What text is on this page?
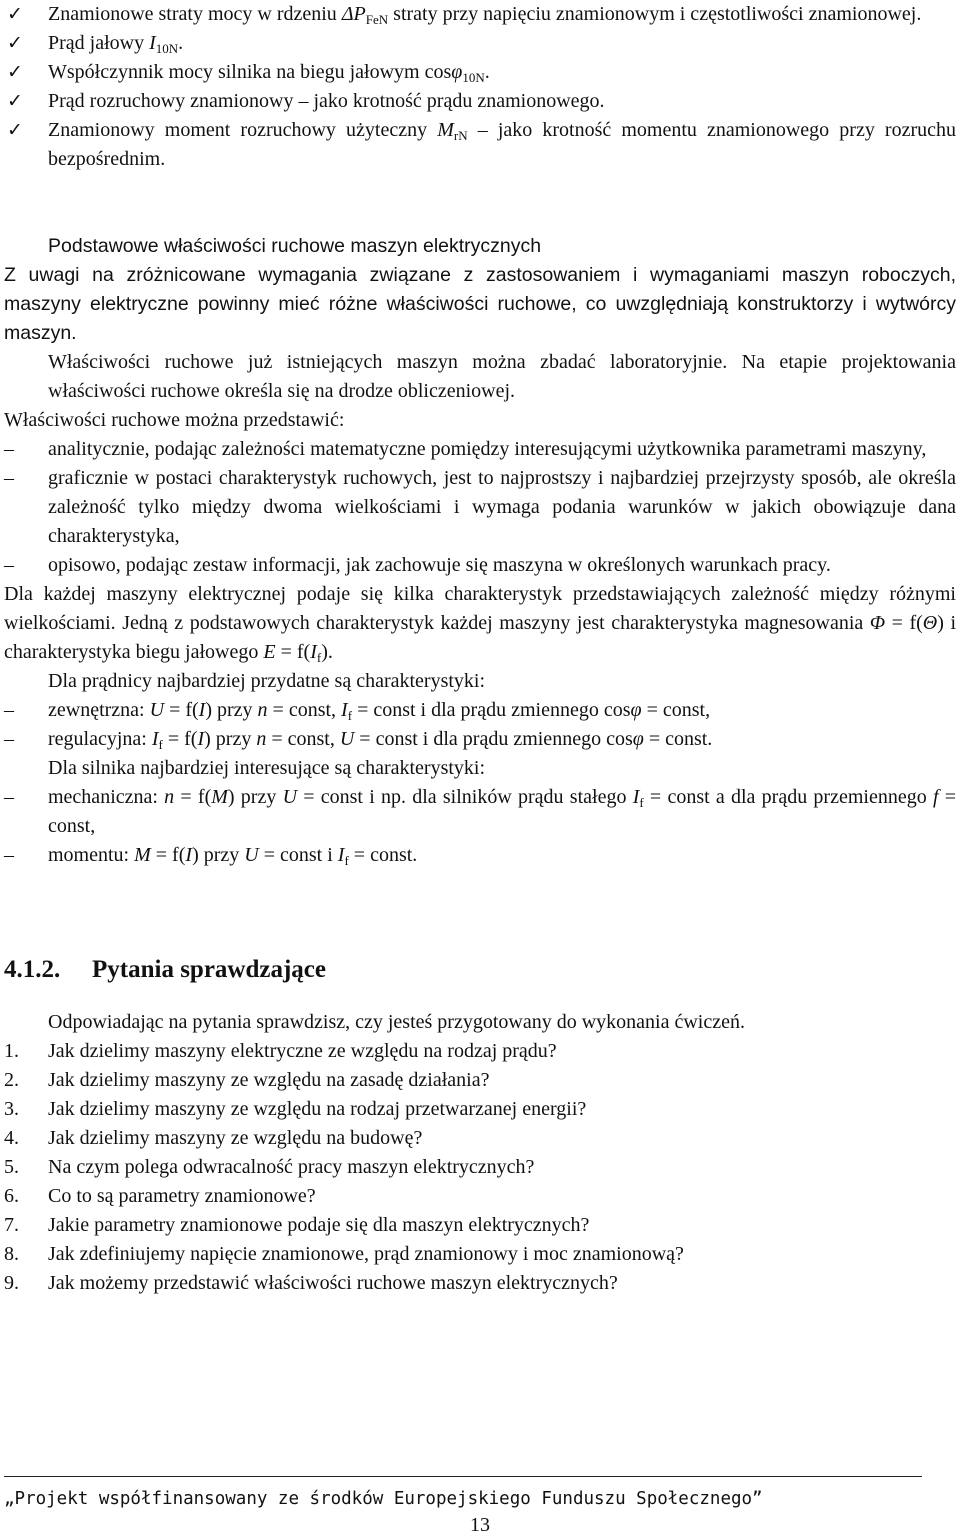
✓ Znamionowe straty mocy w rdzeniu $\Delta P_{FeN}$ straty przy napięciu znamionowym i częstotliwości znamionowej.
✓ Prąd jałowy $I_{10N}$.
✓ Współczynnik mocy silnika na biegu jałowym cosφ$_{10N}$.
✓ Prąd rozruchowy znamionowy – jako krotność prądu znamionowego.
✓ Znamionowy moment rozruchowy użyteczny $M_{rN}$ – jako krotność momentu znamionowego przy rozruchu bezpośrednim.
Podstawowe właściwości ruchowe maszyn elektrycznych
Z uwagi na zróżnicowane wymagania związane z zastosowaniem i wymaganiami maszyn roboczych, maszyny elektryczne powinny mieć różne właściwości ruchowe, co uwzględniają konstruktorzy i wytwórcy maszyn.
Właściwości ruchowe już istniejących maszyn można zbadać laboratoryjnie. Na etapie projektowania właściwości ruchowe określa się na drodze obliczeniowej.
Właściwości ruchowe można przedstawić:
–	analitycznie, podając zależności matematyczne pomiędzy interesującymi użytkownika parametrami maszyny,
–	graficznie w postaci charakterystyk ruchowych, jest to najprostszy i najbardziej przejrzysty sposób, ale określa zależność tylko między dwoma wielkościami i wymaga podania warunków w jakich obowiązuje dana charakterystyka,
–	opisowo, podając zestaw informacji, jak zachowuje się maszyna w określonych warunkach pracy.
Dla każdej maszyny elektrycznej podaje się kilka charakterystyk przedstawiających zależność między różnymi wielkościami. Jedną z podstawowych charakterystyk każdej maszyny jest charakterystyka magnesowania Φ = f(Θ) i charakterystyka biegu jałowego $E = f(I_f)$.
Dla prądnicy najbardziej przydatne są charakterystyki:
–	zewnętrzna: U = f(I) przy n = const, $I_f$ = const i dla prądu zmiennego cosφ = const,
–	regulacyjna: $I_f = f(I)$ przy n = const, U = const i dla prądu zmiennego cosφ = const.
Dla silnika najbardziej interesujące są charakterystyki:
–	mechaniczna: n = f(M) przy U = const i np. dla silników prądu stałego $I_f$ = const a dla prądu przemiennego f = const,
–	momentu: M = f(I) przy U = const i $I_f$ = const.
4.1.2. Pytania sprawdzające
Odpowiadając na pytania sprawdzisz, czy jesteś przygotowany do wykonania ćwiczeń.
1. Jak dzielimy maszyny elektryczne ze względu na rodzaj prądu?
2. Jak dzielimy maszyny ze względu na zasadę działania?
3. Jak dzielimy maszyny ze względu na rodzaj przetwarzanej energii?
4. Jak dzielimy maszyny ze względu na budowę?
5. Na czym polega odwracalność pracy maszyn elektrycznych?
6. Co to są parametry znamionowe?
7. Jakie parametry znamionowe podaje się dla maszyn elektrycznych?
8. Jak zdefiniujemy napięcie znamionowe, prąd znamionowy i moc znamionową?
9. Jak możemy przedstawić właściwości ruchowe maszyn elektrycznych?
„Projekt współfinansowany ze środków Europejskiego Funduszu Społecznego”
13
